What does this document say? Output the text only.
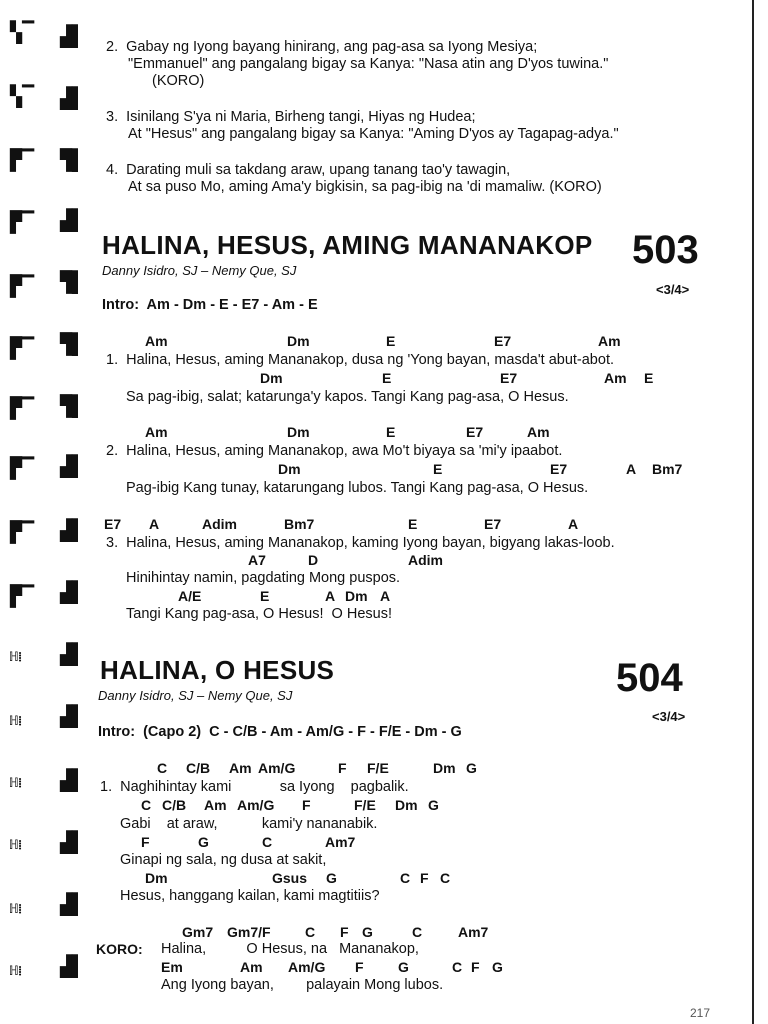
▚▔ ▟▌
▚▔ ▟▌
▛▔ ▜▌
▛▔ ▟▌
▛▔ ▜▌
▛▔ ▜▌
▛▔ ▜▌
▛▔ ▟▌
▛▔ ▟▌
▛▔ ▟▌
ℍ⁞ ▟▌
ℍ⁞ ▟▌
ℍ⁞ ▟▌
ℍ⁞ ▟▌
ℍ⁞ ▟▌
ℍ⁞ ▟▌
2.  Gabay ng Iyong bayang hinirang, ang pag-asa sa Iyong Mesiya;
"Emmanuel" ang pangalang bigay sa Kanya: "Nasa atin ang D'yos tuwina."
(KORO)
3.  Isinilang S'ya ni Maria, Birheng tangi, Hiyas ng Hudea;
At "Hesus" ang pangalang bigay sa Kanya: "Aming D'yos ay Tagapag-adya."
4.  Darating muli sa takdang araw, upang tanang tao'y tawagin,
At sa puso Mo, aming Ama'y bigkisin, sa pag-ibig na 'di mamaliw. (KORO)
HALINA, HESUS, AMING MANANAKOP 503
Danny Isidro, SJ – Nemy Que, SJ
<3/4>
Intro:  Am - Dm - E - E7 - Am - E
Am	Dm	E	E7	Am
1.  Halina, Hesus, aming Mananakop, dusa ng 'Yong bayan, masda't abut-abot.
Dm	E	E7	Am E
Sa pag-ibig, salat; katarunga'y kapos. Tangi Kang pag-asa, O Hesus.
Am	Dm	E	E7	Am
2.  Halina, Hesus, aming Mananakop, awa Mo't biyaya sa 'mi'y ipaabot.
Dm	E	E7	A Bm7
Pag-ibig Kang tunay, katarungang lubos. Tangi Kang pag-asa, O Hesus.
E7 A	Adim	Bm7	E	E7	A
3.  Halina, Hesus, aming Mananakop, kaming Iyong bayan, bigyang lakas-loob.
A7	D	Adim
Hinihintay namin, pagdating Mong puspos.
A/E	E	A Dm A
Tangi Kang pag-asa, O Hesus!  O Hesus!
HALINA, O HESUS	504
Danny Isidro, SJ – Nemy Que, SJ
<3/4>
Intro:  (Capo 2)  C - C/B - Am - Am/G - F - F/E - Dm - G
C C/B Am Am/G	F F/E	Dm G
1.  Naghihintay kami            sa Iyong    pagbalik.
C C/B Am Am/G F	F/E Dm G
Gabi    at araw,           kami'y nananabik.
F	G	C	Am7
Ginapi ng sala, ng dusa at sakit,
Dm	Gsus G	C F C
Hesus, hanggang kailan, kami magtitiis?
Gm7 Gm7/F C F G	C	Am7
KORO: Halina,          O Hesus, na   Mananakop,
Em	Am Am/G F G	C F G
Ang Iyong bayan,        palayain Mong lubos.
217
